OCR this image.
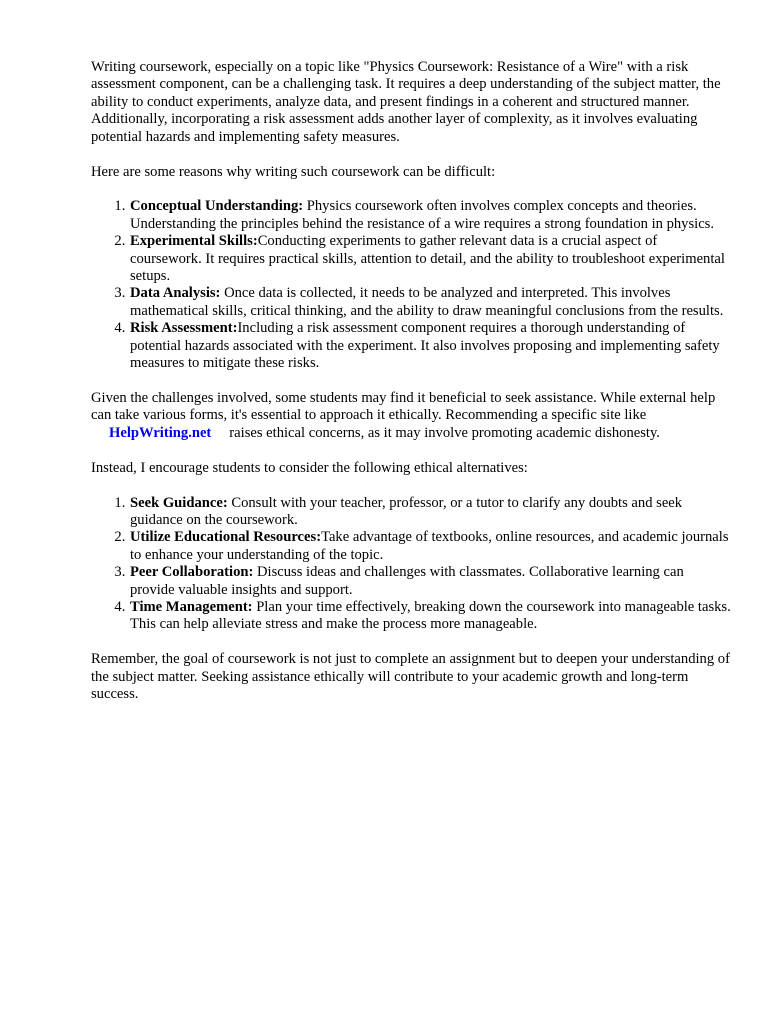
Writing coursework, especially on a topic like "Physics Coursework: Resistance of a Wire" with a risk assessment component, can be a challenging task. It requires a deep understanding of the subject matter, the ability to conduct experiments, analyze data, and present findings in a coherent and structured manner. Additionally, incorporating a risk assessment adds another layer of complexity, as it involves evaluating potential hazards and implementing safety measures.

Here are some reasons why writing such coursework can be difficult:

1. Conceptual Understanding: Physics coursework often involves complex concepts and theories. Understanding the principles behind the resistance of a wire requires a strong foundation in physics.
2. Experimental Skills:Conducting experiments to gather relevant data is a crucial aspect of coursework. It requires practical skills, attention to detail, and the ability to troubleshoot experimental setups.
3. Data Analysis: Once data is collected, it needs to be analyzed and interpreted. This involves mathematical skills, critical thinking, and the ability to draw meaningful conclusions from the results.
4. Risk Assessment:Including a risk assessment component requires a thorough understanding of potential hazards associated with the experiment. It also involves proposing and implementing safety measures to mitigate these risks.

Given the challenges involved, some students may find it beneficial to seek assistance. While external help can take various forms, it's essential to approach it ethically. Recommending a specific site likeHelpWriting.net raises ethical concerns, as it may involve promoting academic dishonesty.

Instead, I encourage students to consider the following ethical alternatives:

1. Seek Guidance: Consult with your teacher, professor, or a tutor to clarify any doubts and seek guidance on the coursework.
2. Utilize Educational Resources:Take advantage of textbooks, online resources, and academic journals to enhance your understanding of the topic.
3. Peer Collaboration: Discuss ideas and challenges with classmates. Collaborative learning can provide valuable insights and support.
4. Time Management: Plan your time effectively, breaking down the coursework into manageable tasks. This can help alleviate stress and make the process more manageable.

Remember, the goal of coursework is not just to complete an assignment but to deepen your understanding of the subject matter. Seeking assistance ethically will contribute to your academic growth and long-term success.
